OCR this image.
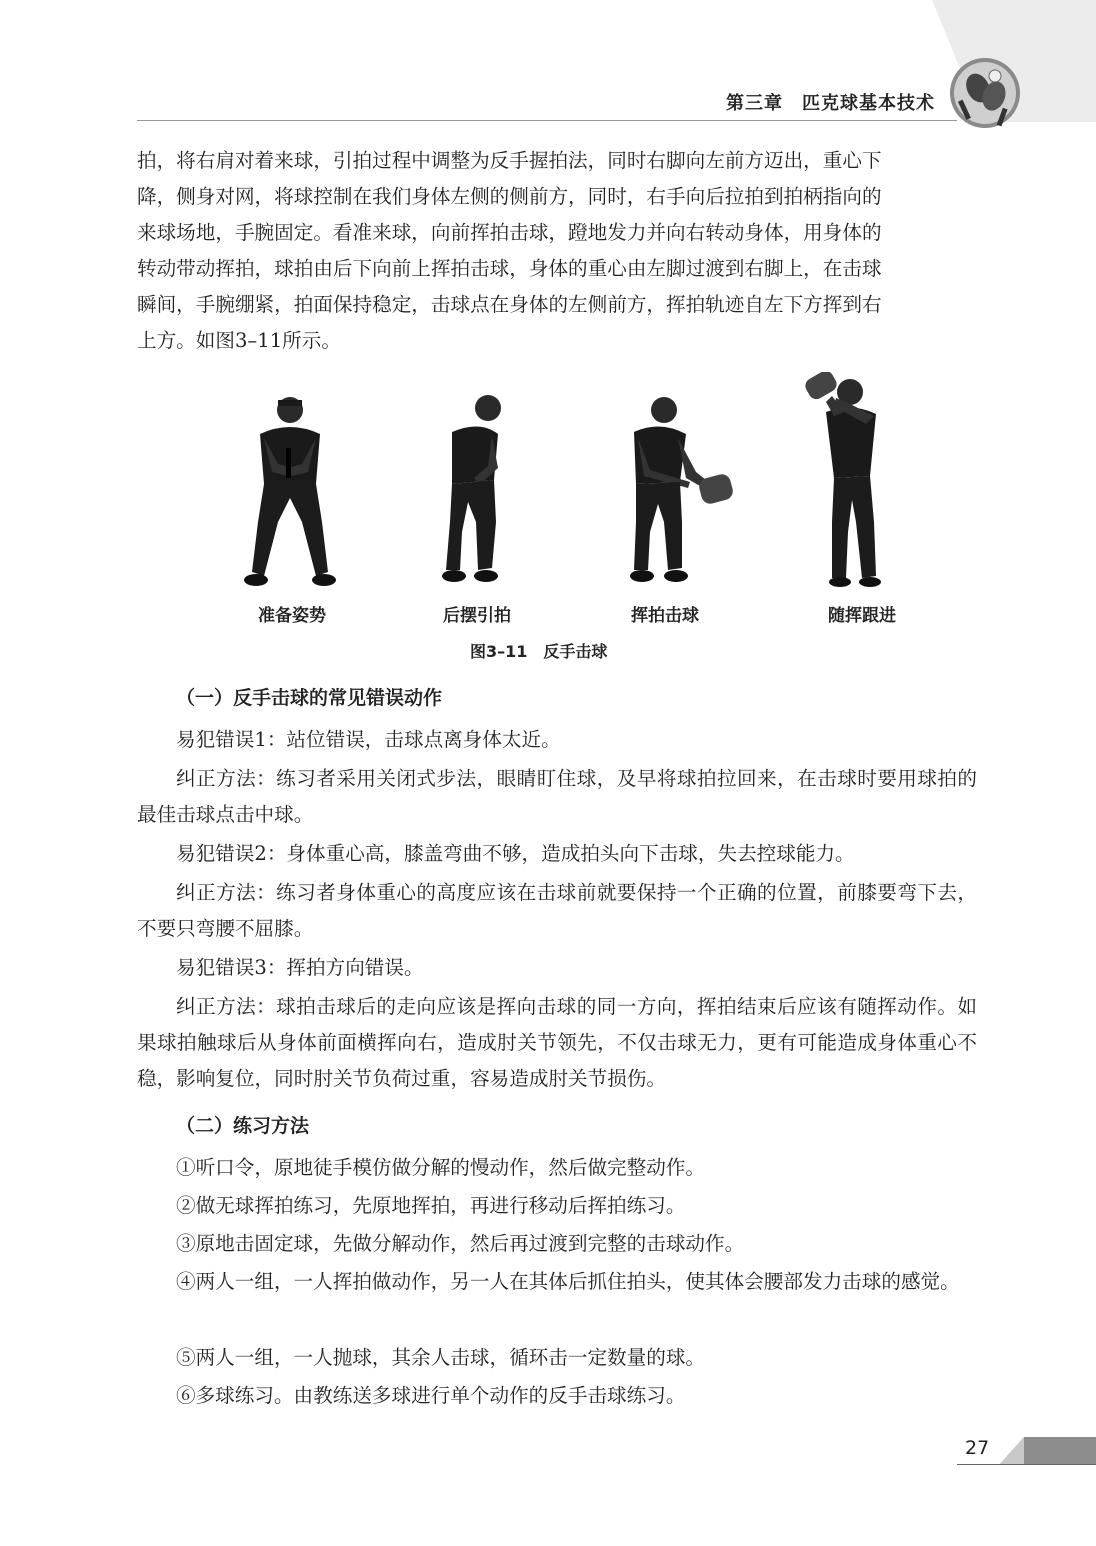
第三章　匹克球基本技术
拍，将右肩对着来球，引拍过程中调整为反手握拍法，同时右脚向左前方迈出，重心下
降，侧身对网，将球控制在我们身体左侧的侧前方，同时，右手向后拉拍到拍柄指向的
来球场地，手腕固定。看准来球，向前挥拍击球，蹬地发力并向右转动身体，用身体的
转动带动挥拍，球拍由后下向前上挥拍击球，身体的重心由左脚过渡到右脚上，在击球
瞬间，手腕绷紧，拍面保持稳定，击球点在身体的左侧前方，挥拍轨迹自左下方挥到右
上方。如图3–11所示。
准备姿势	后摆引拍	挥拍击球	随挥跟进
图3–11　反手击球
（一）反手击球的常见错误动作

易犯错误1：站位错误，击球点离身体太近。

纠正方法：练习者采用关闭式步法，眼睛盯住球，及早将球拍拉回来，在击球时要用球拍的最佳击球点击中球。

易犯错误2：身体重心高，膝盖弯曲不够，造成拍头向下击球，失去控球能力。

纠正方法：练习者身体重心的高度应该在击球前就要保持一个正确的位置，前膝要弯下去，不要只弯腰不屈膝。

易犯错误3：挥拍方向错误。

纠正方法：球拍击球后的走向应该是挥向击球的同一方向，挥拍结束后应该有随挥动作。如果球拍触球后从身体前面横挥向右，造成肘关节领先，不仅击球无力，更有可能造成身体重心不稳，影响复位，同时肘关节负荷过重，容易造成肘关节损伤。

（二）练习方法

①听口令，原地徒手模仿做分解的慢动作，然后做完整动作。

②做无球挥拍练习，先原地挥拍，再进行移动后挥拍练习。

③原地击固定球，先做分解动作，然后再过渡到完整的击球动作。

④两人一组，一人挥拍做动作，另一人在其体后抓住拍头，使其体会腰部发力击球的感觉。

⑤两人一组，一人抛球，其余人击球，循环击一定数量的球。

⑥多球练习。由教练送多球进行单个动作的反手击球练习。

27
